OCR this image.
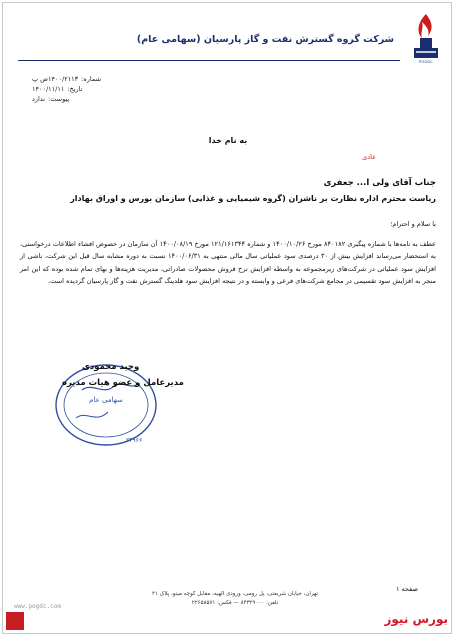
شرکت گروه گسترش نفت و گاز پارسیان (سهامی عام)
POGDC
شماره:
۱۴۰۰/۲۱۱۳ص پ
تاریخ:
۱۴۰۰/۱۱/۱۱
پیوست:
ندارد
به نام خدا
عادی
جناب آقای ولی ا... جعفری
ریاست محترم اداره نظارت بر ناشران (گروه شیمیایی و غذایی) سازمان بورس و اوراق بهادار
با سلام و احترام؛
عطف به نامه‌ها با شماره پیگیری ۸۴۰۱۸۲ مورخ ۱۴۰۰/۱۰/۲۶ و شماره ۱۲۱/۱۶۱۳۴۴ مورخ ۱۴۰۰/۰۸/۱۹ آن سازمان در خصوص افشاء اطلاعات درخواستی، به استحضار می‌رساند افزایش بیش از ۳۰ درصدی سود عملیاتی سال مالی منتهی به ۱۴۰۰/۰۶/۳۱ نسبت به دوره مشابه سال قبل این شرکت، ناشی از افزایش سود عملیاتی در شرکت‌های زیرمجموعه به واسطه افزایش نرخ فروش محصولات صادراتی، مدیریت هزینه‌ها و بهای تمام شده بوده که این امر منجر به افزایش سود تقسیمی در مجامع شرکت‌های فرعی و وابسته و در نتیجه افزایش سود هلدینگ گسترش نفت و گاز پارسیان گردیده است.
سهامی عام
۲۴۹۶۶
وحید محمودی
مدیرعامل و عضو هیات مدیره
صفحه ۱
تهران، خیابان شریعتی، پل رومی، ورودی الهیه، مقابل کوچه مینو، پلاک ۲۱
تلفن: ۸۴۳۲۹۰۰۰ — فکس: ۲۲۶۵۸۵۷۱
www.pogdc.com
بورس نیوز
